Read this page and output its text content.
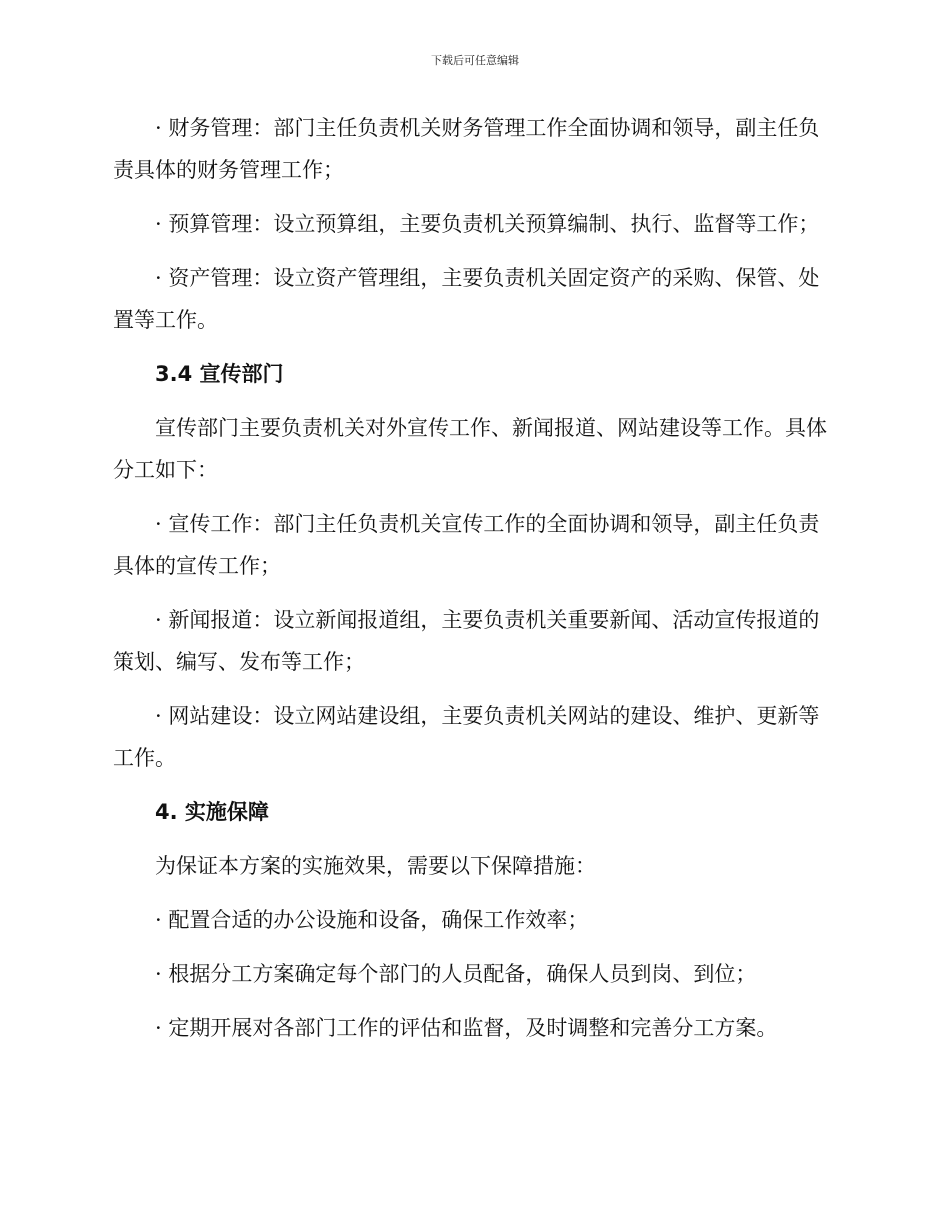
下载后可任意编辑

· 财务管理：部门主任负责机关财务管理工作全面协调和领导，副主任负责具体的财务管理工作；

· 预算管理：设立预算组，主要负责机关预算编制、执行、监督等工作；

· 资产管理：设立资产管理组，主要负责机关固定资产的采购、保管、处置等工作。

3.4 宣传部门

宣传部门主要负责机关对外宣传工作、新闻报道、网站建设等工作。具体分工如下：

· 宣传工作：部门主任负责机关宣传工作的全面协调和领导，副主任负责具体的宣传工作；

· 新闻报道：设立新闻报道组，主要负责机关重要新闻、活动宣传报道的策划、编写、发布等工作；

· 网站建设：设立网站建设组，主要负责机关网站的建设、维护、更新等工作。

4. 实施保障

为保证本方案的实施效果，需要以下保障措施：

· 配置合适的办公设施和设备，确保工作效率；

· 根据分工方案确定每个部门的人员配备，确保人员到岗、到位；

· 定期开展对各部门工作的评估和监督，及时调整和完善分工方案。
